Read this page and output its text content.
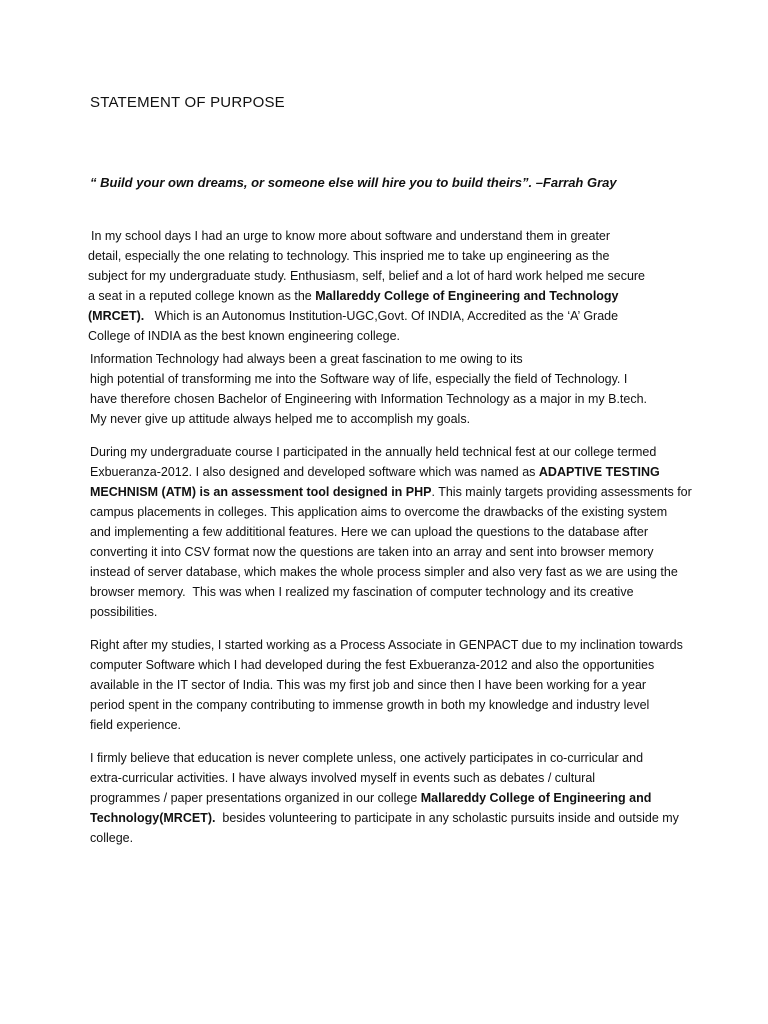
STATEMENT OF PURPOSE
“ Build your own dreams, or someone else will hire you to build theirs”. –Farrah Gray
In my school days I had an urge to know more about software and understand them in greater
detail, especially the one relating to technology. This inspried me to take up engineering as the
subject for my undergraduate study. Enthusiasm, self, belief and a lot of hard work helped me secure
a seat in a reputed college known as the Mallareddy College of Engineering and Technology
(MRCET).   Which is an Autonomus Institution-UGC,Govt. Of INDIA, Accredited as the ‘A’ Grade
College of INDIA as the best known engineering college.
Information Technology had always been a great fascination to me owing to its
high potential of transforming me into the Software way of life, especially the field of Technology. I
have therefore chosen Bachelor of Engineering with Information Technology as a major in my B.tech.
My never give up attitude always helped me to accomplish my goals.
During my undergraduate course I participated in the annually held technical fest at our college termed
Exbueranza-2012. I also designed and developed software which was named as ADAPTIVE TESTING
MECHNISM (ATM) is an assessment tool designed in PHP. This mainly targets providing assessments for
campus placements in colleges. This application aims to overcome the drawbacks of the existing system
and implementing a few addititional features. Here we can upload the questions to the database after
converting it into CSV format now the questions are taken into an array and sent into browser memory
instead of server database, which makes the whole process simpler and also very fast as we are using the
browser memory.  This was when I realized my fascination of computer technology and its creative
possibilities.
Right after my studies, I started working as a Process Associate in GENPACT due to my inclination towards
computer Software which I had developed during the fest Exbueranza-2012 and also the opportunities
available in the IT sector of India. This was my first job and since then I have been working for a year
period spent in the company contributing to immense growth in both my knowledge and industry level
field experience.
I firmly believe that education is never complete unless, one actively participates in co-curricular and
extra-curricular activities. I have always involved myself in events such as debates / cultural
programmes / paper presentations organized in our college Mallareddy College of Engineering and
Technology(MRCET).  besides volunteering to participate in any scholastic pursuits inside and outside my
college.
